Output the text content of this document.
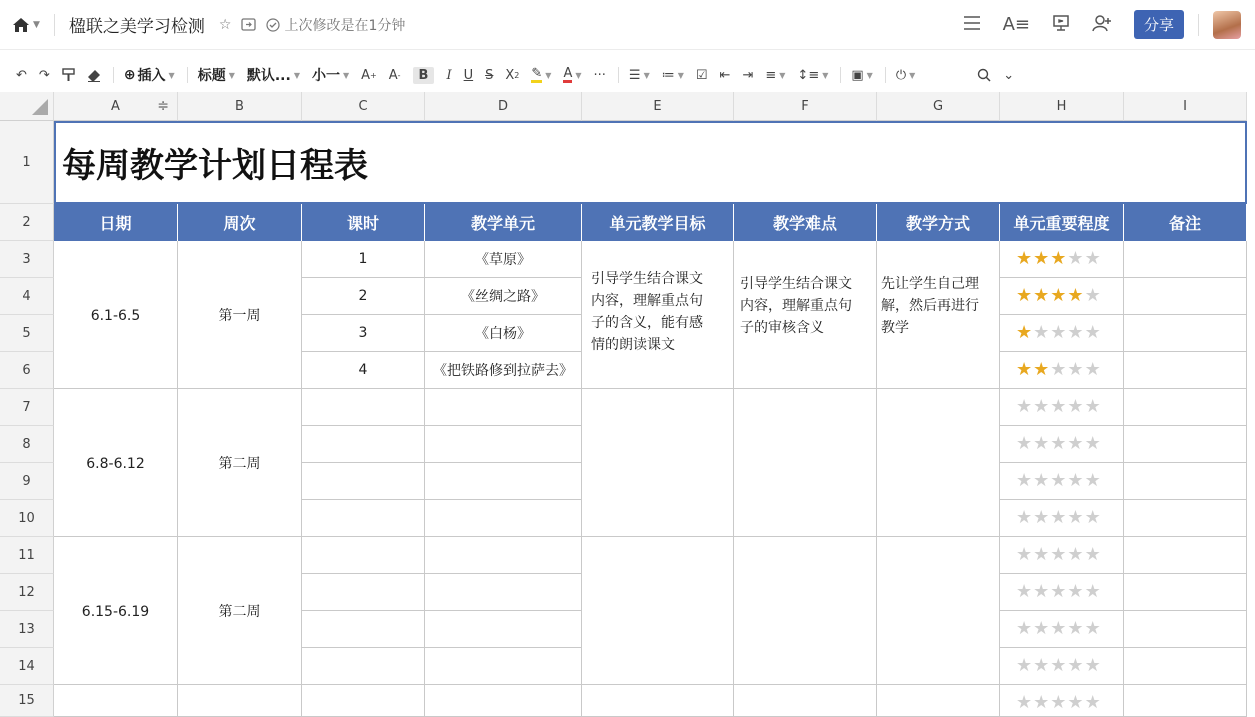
▼ 楹联之美学习检测 ☆	上次修改是在1分钟	A≡	分享
↶ ↷	⊕ 插入 ▼ 标题 ▼ 默认... ▼ 小一 ▼ A + A -	B	I U S X 2 ✎ ▼ A ▼ ··· ☰ ▼ ≔ ▼ ☑ ⇤ ⇥ ≡ ▼ ↕≡ ▼ ▣ ▼ ⏻ ▼	⌄
A	≑	B	C	D	E	F	G	H	I
1
2
3
4
5
6
7
8
9
10
11
12
13
14
15
每周教学计划日程表
日期	周次	课时	教学单元	单元教学目标	教学难点	教学方式	单元重要程度	备注
6.1-6.5	第一周
1	《草原》	★ ★ ★ ★ ★
2	《丝绸之路》	★ ★ ★ ★ ★
3	《白杨》	★ ★ ★ ★ ★
4	《把铁路修到拉萨去》	★ ★ ★ ★ ★
6.8-6.12	第二周
★ ★ ★ ★ ★
★ ★ ★ ★ ★
★ ★ ★ ★ ★
★ ★ ★ ★ ★
6.15-6.19	第二周
★ ★ ★ ★ ★
★ ★ ★ ★ ★
★ ★ ★ ★ ★
★ ★ ★ ★ ★
★ ★ ★ ★ ★
引导学生结合课文
内容，理解重点句
子的含义，能有感
情的朗读课文
引导学生结合课文
内容，理解重点句
子的审核含义
先让学生自己理
解，然后再进行
教学
